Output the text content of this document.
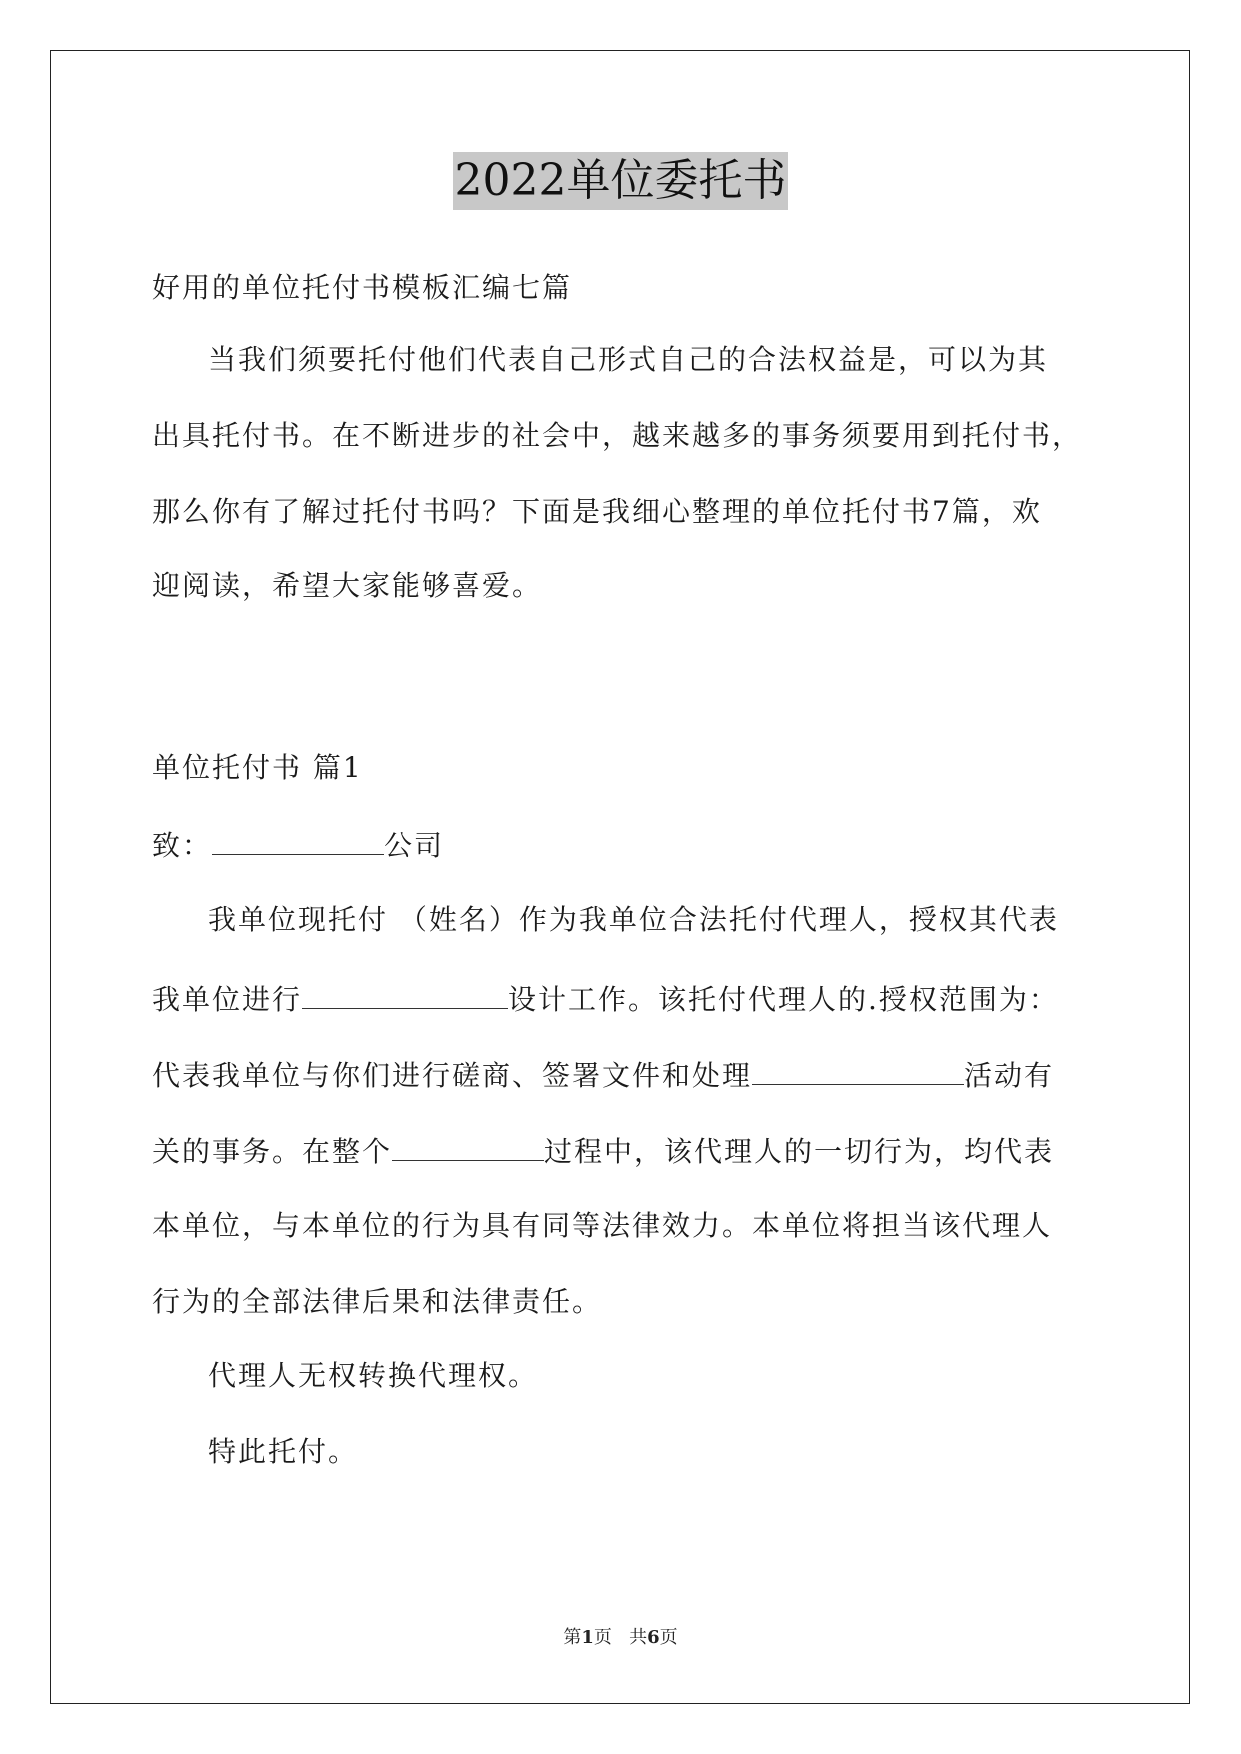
2022单位委托书
好用的单位托付书模板汇编七篇
当我们须要托付他们代表自己形式自己的合法权益是，可以为其
出具托付书。在不断进步的社会中，越来越多的事务须要用到托付书，
那么你有了解过托付书吗？下面是我细心整理的单位托付书7篇，欢
迎阅读，希望大家能够喜爱。
单位托付书 篇1
致：	公司
我单位现托付 （姓名）作为我单位合法托付代理人，授权其代表
我单位进行	设计工作。该托付代理人的.授权范围为：
代表我单位与你们进行磋商、签署文件和处理	活动有
关的事务。在整个	过程中，该代理人的一切行为，均代表
本单位，与本单位的行为具有同等法律效力。本单位将担当该代理人
行为的全部法律后果和法律责任。
代理人无权转换代理权。
特此托付。
第1页   共6页
